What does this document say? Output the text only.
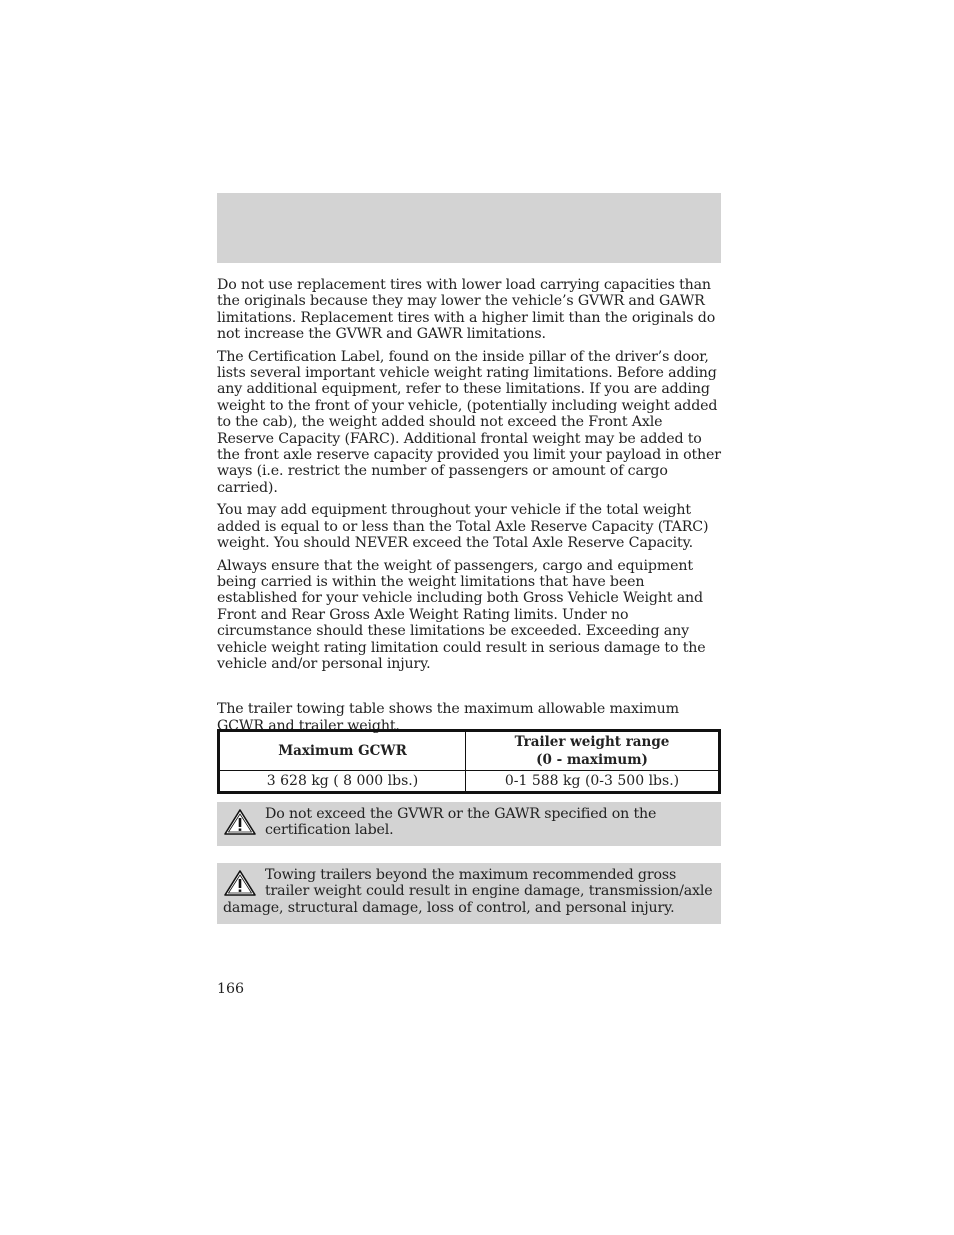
Do not use replacement tires with lower load carrying capacities than the originals because they may lower the vehicle’s GVWR and GAWR limitations. Replacement tires with a higher limit than the originals do not increase the GVWR and GAWR limitations.

The Certification Label, found on the inside pillar of the driver’s door, lists several important vehicle weight rating limitations. Before adding any additional equipment, refer to these limitations. If you are adding weight to the front of your vehicle, (potentially including weight added to the cab), the weight added should not exceed the Front Axle Reserve Capacity (FARC). Additional frontal weight may be added to the front axle reserve capacity provided you limit your payload in other ways (i.e. restrict the number of passengers or amount of cargo carried).

You may add equipment throughout your vehicle if the total weight added is equal to or less than the Total Axle Reserve Capacity (TARC) weight. You should NEVER exceed the Total Axle Reserve Capacity.

Always ensure that the weight of passengers, cargo and equipment being carried is within the weight limitations that have been established for your vehicle including both Gross Vehicle Weight and Front and Rear Gross Axle Weight Rating limits. Under no circumstance should these limitations be exceeded. Exceeding any vehicle weight rating limitation could result in serious damage to the vehicle and/or personal injury.

The trailer towing table shows the maximum allowable maximum GCWR and trailer weight.

Maximum GCWR	Trailer weight range
(0 - maximum)

3 628 kg ( 8 000 lbs.)	0-1 588 kg (0-3 500 lbs.)
Do not exceed the GVWR or the GAWR specified on the certification label.
Towing trailers beyond the maximum recommended gross trailer weight could result in engine damage, transmission/axle damage, structural damage, loss of control, and personal injury.
166
